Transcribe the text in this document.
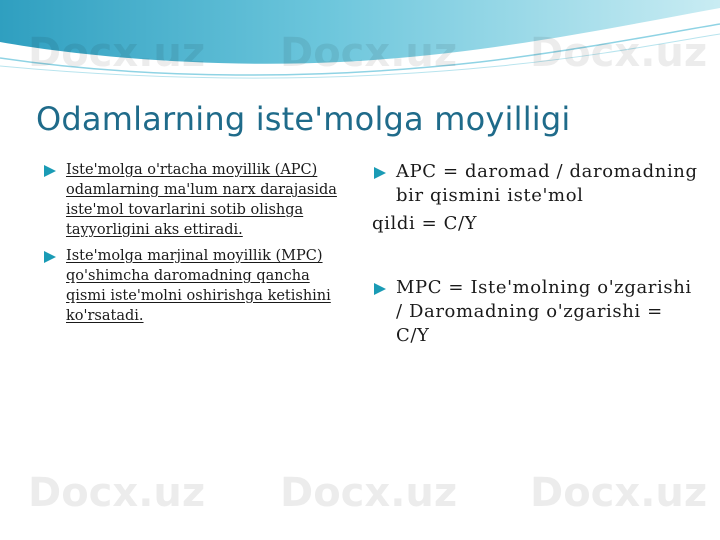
Docx.uz Docx.uz Docx.uz
Docx.uz Docx.uz Docx.uz
Odamlarning iste'molga moyilligi
Iste'molga o'rtacha moyillik (APC) odamlarning ma'lum narx darajasida iste'mol tovarlarini sotib olishga tayyorligini aks ettiradi.
Iste'molga marjinal moyillik (MPC) qo'shimcha daromadning qancha qismi iste'molni oshirishga ketishini ko'rsatadi.
APC = daromad / daromadning bir qismini iste'mol
qildi = C/Y
MPC = Iste'molning o'zgarishi / Daromadning o'zgarishi = C/Y
